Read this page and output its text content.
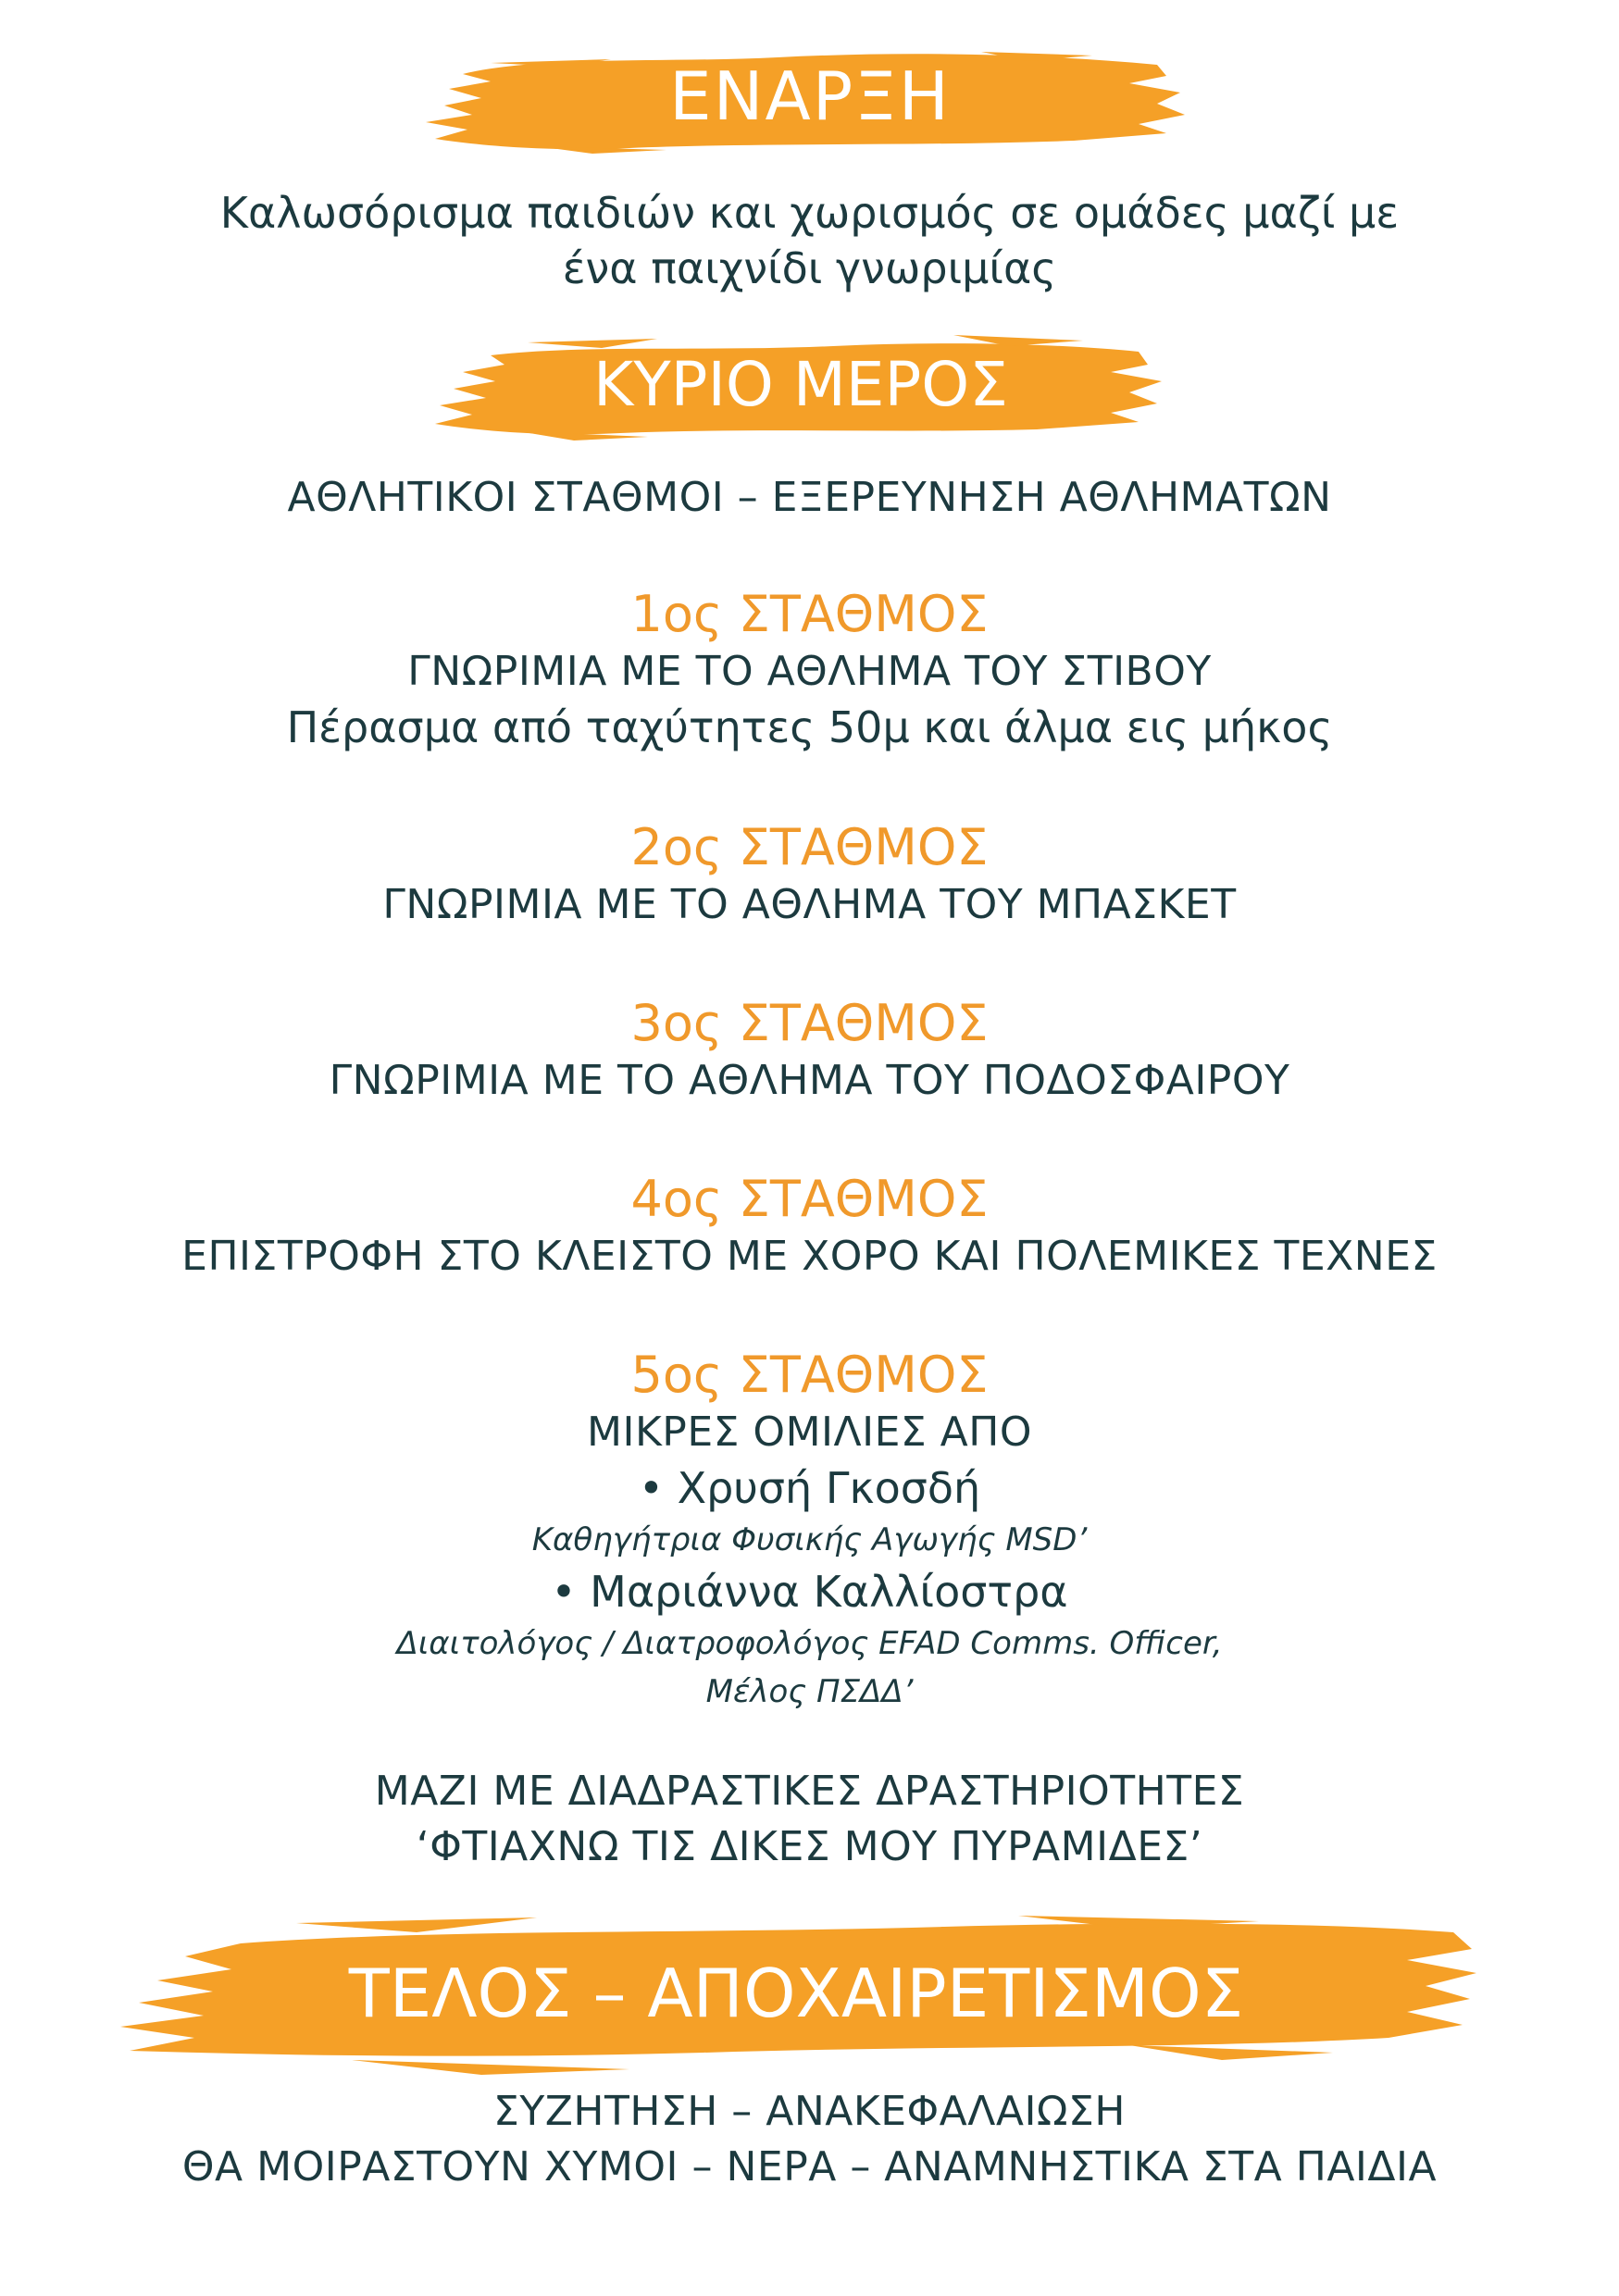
ΕΝΑΡΞΗ
Καλωσόρισμα παιδιών και χωρισμός σε ομάδες μαζί με
ένα παιχνίδι γνωριμίας
ΚΥΡΙΟ ΜΕΡΟΣ
ΑΘΛΗΤΙΚΟΙ ΣΤΑΘΜΟΙ – ΕΞΕΡΕΥΝΗΣΗ ΑΘΛΗΜΑΤΩΝ
1ος ΣΤΑΘΜΟΣ
ΓΝΩΡΙΜΙΑ ΜΕ ΤΟ ΑΘΛΗΜΑ ΤΟΥ ΣΤΙΒΟΥ
Πέρασμα από ταχύτητες 50μ και άλμα εις μήκος
2ος ΣΤΑΘΜΟΣ
ΓΝΩΡΙΜΙΑ ΜΕ ΤΟ ΑΘΛΗΜΑ ΤΟΥ ΜΠΑΣΚΕΤ
3ος ΣΤΑΘΜΟΣ
ΓΝΩΡΙΜΙΑ ΜΕ ΤΟ ΑΘΛΗΜΑ ΤΟΥ ΠΟΔΟΣΦΑΙΡΟΥ
4ος ΣΤΑΘΜΟΣ
ΕΠΙΣΤΡΟΦΗ ΣΤΟ ΚΛΕΙΣΤΟ ΜΕ ΧΟΡΟ ΚΑΙ ΠΟΛΕΜΙΚΕΣ ΤΕΧΝΕΣ
5ος ΣΤΑΘΜΟΣ
ΜΙΚΡΕΣ ΟΜΙΛΙΕΣ ΑΠΟ
• Χρυσή Γκοσδή
Καθηγήτρια Φυσικής Αγωγής MSD’
• Μαριάννα Καλλίοστρα
Διαιτολόγος / Διατροφολόγος EFAD Comms. Officer,
Μέλος ΠΣΔΔ’
ΜΑΖΙ ΜΕ ΔΙΑΔΡΑΣΤΙΚΕΣ ΔΡΑΣΤΗΡΙΟΤΗΤΕΣ
‘ΦΤΙΑΧΝΩ ΤΙΣ ΔΙΚΕΣ ΜΟΥ ΠΥΡΑΜΙΔΕΣ’
ΤΕΛΟΣ – ΑΠΟΧΑΙΡΕΤΙΣΜΟΣ
ΣΥΖΗΤΗΣΗ – ΑΝΑΚΕΦΑΛΑΙΩΣΗ
ΘΑ ΜΟΙΡΑΣΤΟΥΝ ΧΥΜΟΙ – ΝΕΡΑ – ΑΝΑΜΝΗΣΤΙΚΑ ΣΤΑ ΠΑΙΔΙΑ
